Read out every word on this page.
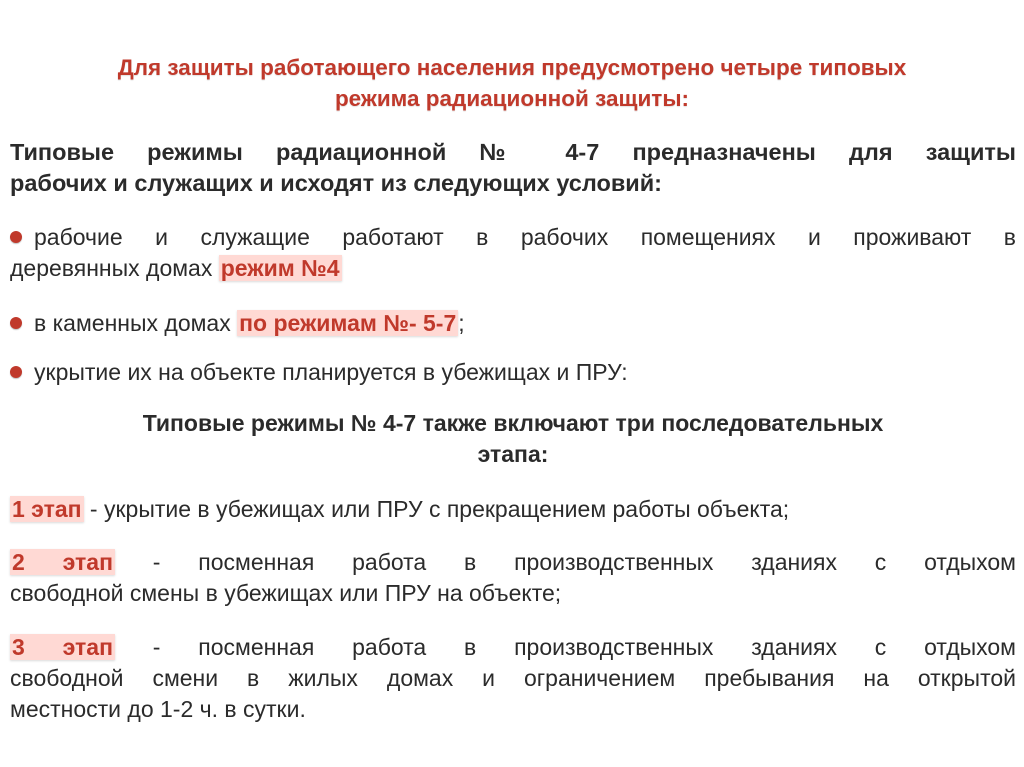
Для защиты работающего населения предусмотрено четыре типовых
режима радиационной защиты:
Типовые режимы радиационной № 4-7 предназначены для защиты
рабочих и служащих и исходят из следующих условий:
рабочие и служащие работают в рабочих помещениях и проживают в
деревянных домах режим №4
в каменных домах по режимам №- 5-7;
укрытие их на объекте планируется в убежищах и ПРУ:
Типовые режимы № 4-7 также включают три последовательных
этапа:
1 этап - укрытие в убежищах или ПРУ с прекращением работы объекта;
2 этап - посменная работа в производственных зданиях с отдыхом
свободной смены в убежищах или ПРУ на объекте;
3 этап - посменная работа в производственных зданиях с отдыхом
свободной смени в жилых домах и ограничением пребывания на открытой
местности до 1-2 ч. в сутки.
